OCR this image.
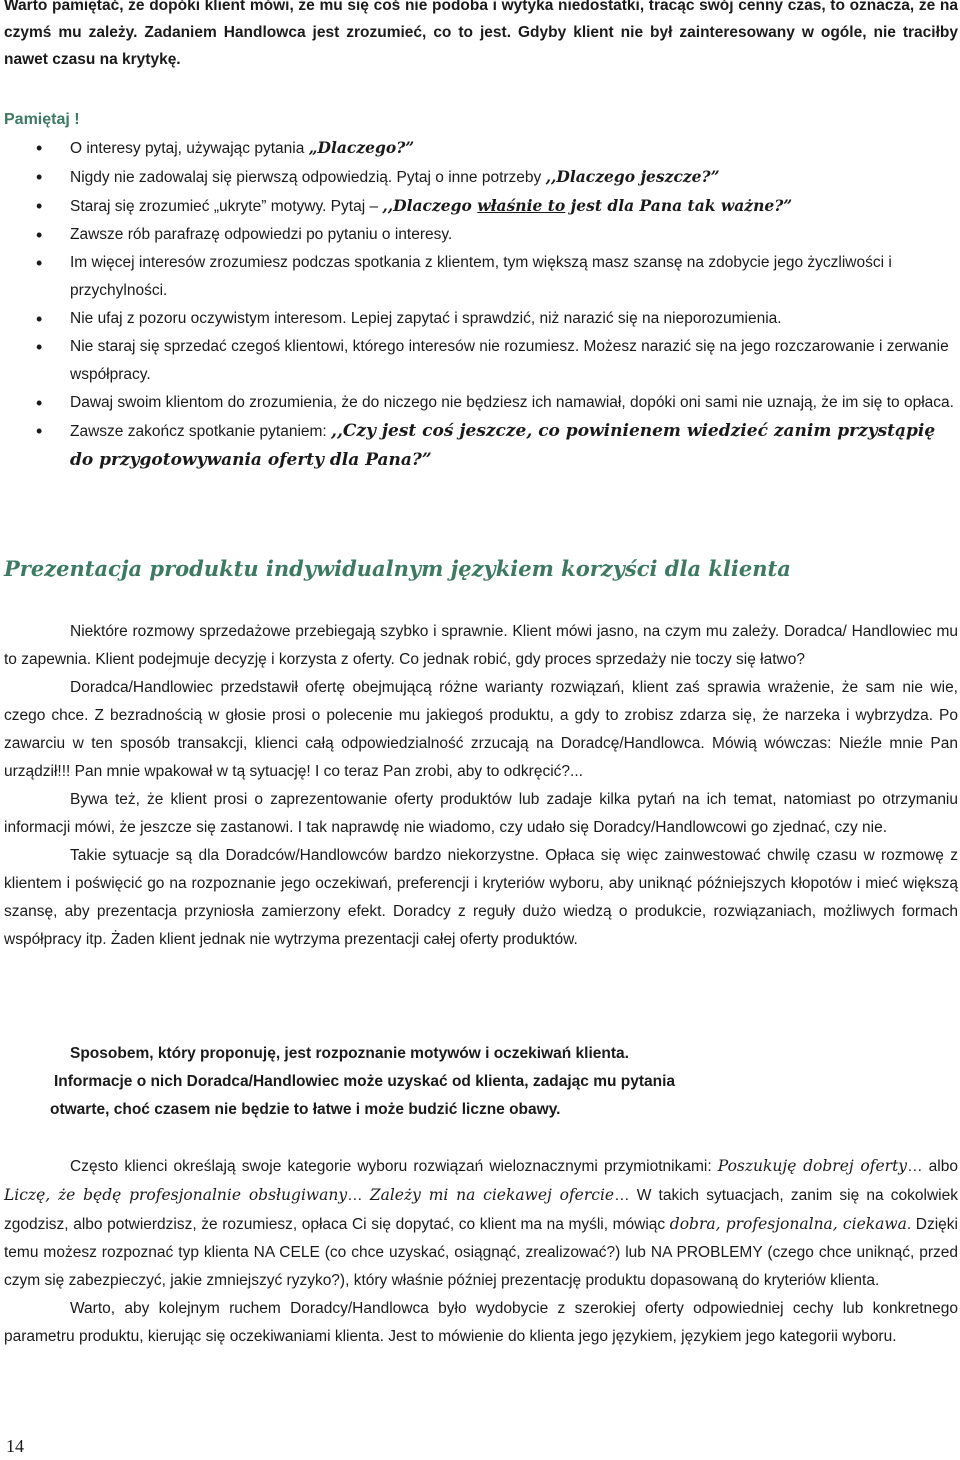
Warto pamiętać, że dopóki klient mówi, że mu się coś nie podoba i wytyka niedostatki, tracąc swój cenny czas, to oznacza, że na czymś mu zależy. Zadaniem Handlowca jest zrozumieć, co to jest. Gdyby klient nie był zainteresowany w ogóle, nie traciłby nawet czasu na krytykę.
Pamiętaj !
• O interesy pytaj, używając pytania „Dlaczego?”
• Nigdy nie zadowalaj się pierwszą odpowiedzią. Pytaj o inne potrzeby ,,Dlaczego jeszcze?”
• Staraj się zrozumieć „ukryte” motywy. Pytaj – ,,Dlaczego właśnie to jest dla Pana tak ważne?”
• Zawsze rób parafrazę odpowiedzi po pytaniu o interesy.
• Im więcej interesów zrozumiesz podczas spotkania z klientem, tym większą masz szansę na zdobycie jego życzliwości i przychylności.
• Nie ufaj z pozoru oczywistym interesom. Lepiej zapytać i sprawdzić, niż narazić się na nieporozumienia.
• Nie staraj się sprzedać czegoś klientowi, którego interesów nie rozumiesz. Możesz narazić się na jego rozczarowanie i zerwanie współpracy.
• Dawaj swoim klientom do zrozumienia, że do niczego nie będziesz ich namawiał, dopóki oni sami nie uznają, że im się to opłaca.
• Zawsze zakończ spotkanie pytaniem: ,,Czy jest coś jeszcze, co powinienem wiedzieć zanim przystąpię do przygotowywania oferty dla Pana?”
Prezentacja produktu indywidualnym językiem korzyści dla klienta

Niektóre rozmowy sprzedażowe przebiegają szybko i sprawnie. Klient mówi jasno, na czym mu zależy. Doradca/ Handlowiec mu to zapewnia. Klient podejmuje decyzję i korzysta z oferty. Co jednak robić, gdy proces sprzedaży nie toczy się łatwo?

Doradca/Handlowiec przedstawił ofertę obejmującą różne warianty rozwiązań, klient zaś sprawia wrażenie, że sam nie wie, czego chce. Z bezradnością w głosie prosi o polecenie mu jakiegoś produktu, a gdy to zrobisz zdarza się, że narzeka i wybrzydza. Po zawarciu w ten sposób transakcji, klienci całą odpowiedzialność zrzucają na Doradcę/Handlowca. Mówią wówczas: Nieźle mnie Pan urządził!!! Pan mnie wpakował w tą sytuację! I co teraz Pan zrobi, aby to odkręcić?...

Bywa też, że klient prosi o zaprezentowanie oferty produktów lub zadaje kilka pytań na ich temat, natomiast po otrzymaniu informacji mówi, że jeszcze się zastanowi. I tak naprawdę nie wiadomo, czy udało się Doradcy/Handlowcowi go zjednać, czy nie.

Takie sytuacje są dla Doradców/Handlowców bardzo niekorzystne. Opłaca się więc zainwestować chwilę czasu w rozmowę z klientem i poświęcić go na rozpoznanie jego oczekiwań, preferencji i kryteriów wyboru, aby uniknąć późniejszych kłopotów i mieć większą szansę, aby prezentacja przyniosła zamierzony efekt. Doradcy z reguły dużo wiedzą o produkcie, rozwiązaniach, możliwych formach współpracy itp. Żaden klient jednak nie wytrzyma prezentacji całej oferty produktów.

Sposobem, który proponuję, jest rozpoznanie motywów i oczekiwań klienta.
Informacje o nich Doradca/Handlowiec może uzyskać od klienta, zadając mu pytania
otwarte, choć czasem nie będzie to łatwe i może budzić liczne obawy.

Często klienci określają swoje kategorie wyboru rozwiązań wieloznacznymi przymiotnikami: Poszukuję dobrej oferty… albo Liczę, że będę profesjonalnie obsługiwany… Zależy mi na ciekawej ofercie… W takich sytuacjach, zanim się na cokolwiek zgodzisz, albo potwierdzisz, że rozumiesz, opłaca Ci się dopytać, co klient ma na myśli, mówiąc dobra, profesjonalna, ciekawa. Dzięki temu możesz rozpoznać typ klienta NA CELE (co chce uzyskać, osiągnąć, zrealizować?) lub NA PROBLEMY (czego chce uniknąć, przed czym się zabezpieczyć, jakie zmniejszyć ryzyko?), który właśnie później prezentację produktu dopasowaną do kryteriów klienta.

Warto, aby kolejnym ruchem Doradcy/Handlowca było wydobycie z szerokiej oferty odpowiedniej cechy lub konkretnego parametru produktu, kierując się oczekiwaniami klienta. Jest to mówienie do klienta jego językiem, językiem jego kategorii wyboru.

14
